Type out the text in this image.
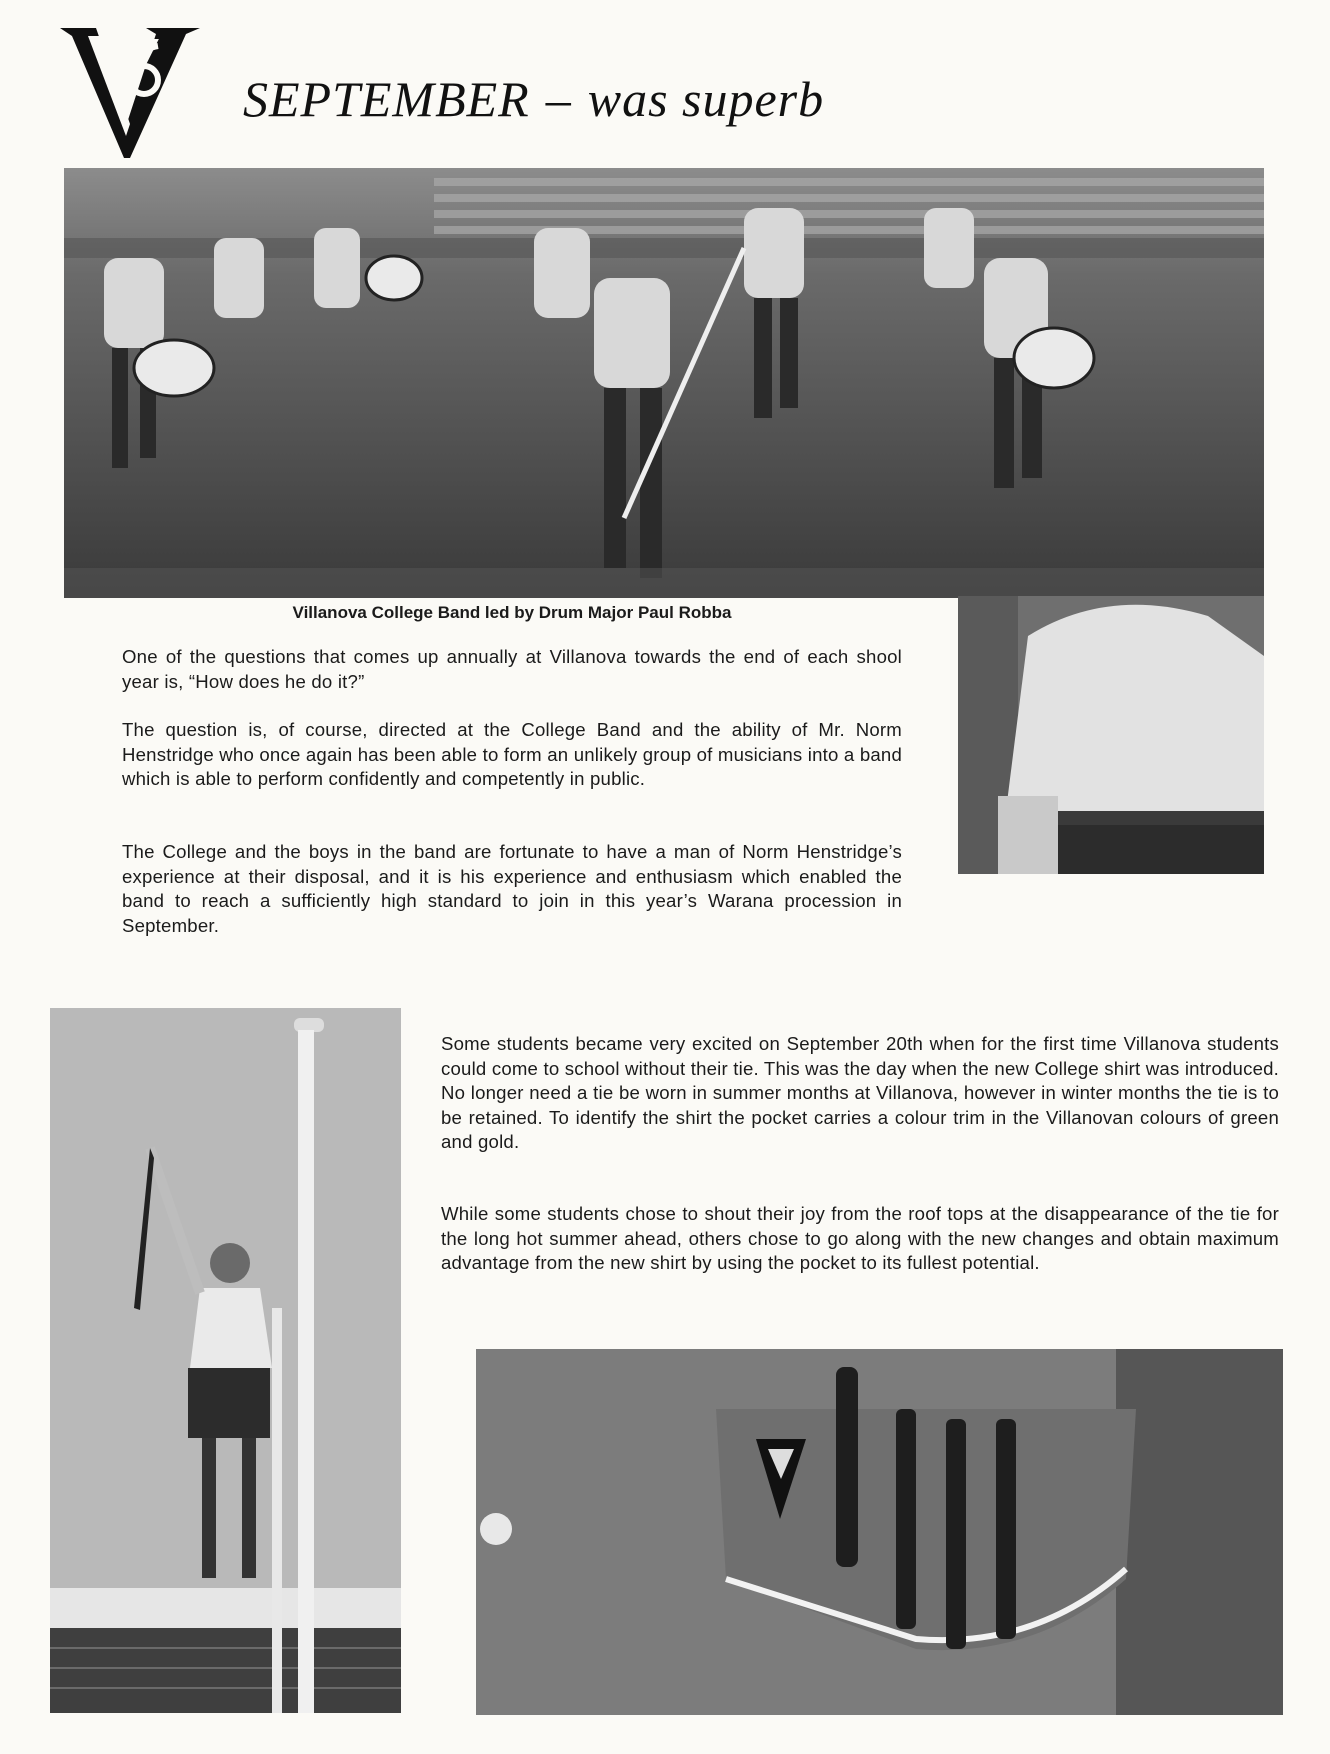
SEPTEMBER – was superb

Villanova College Band led by Drum Major Paul Robba

One of the questions that comes up annually at Villanova towards the end of each shool year is, “How does he do it?”

The question is, of course, directed at the College Band and the ability of Mr. Norm Henstridge who once again has been able to form an unlikely group of musicians into a band which is able to perform confidently and competently in public.

The College and the boys in the band are fortunate to have a man of Norm Henstridge’s experience at their disposal, and it is his experience and enthusiasm which enabled the band to reach a sufficiently high standard to join in this year’s Warana procession in September.

Some students became very excited on September 20th when for the first time Villanova students could come to school without their tie. This was the day when the new College shirt was introduced. No longer need a tie be worn in summer months at Villanova, however in winter months the tie is to be retained. To identify the shirt the pocket carries a colour trim in the Villanovan colours of green and gold.

While some students chose to shout their joy from the roof tops at the disappearance of the tie for the long hot summer ahead, others chose to go along with the new changes and obtain maximum advantage from the new shirt by using the pocket to its fullest potential.
